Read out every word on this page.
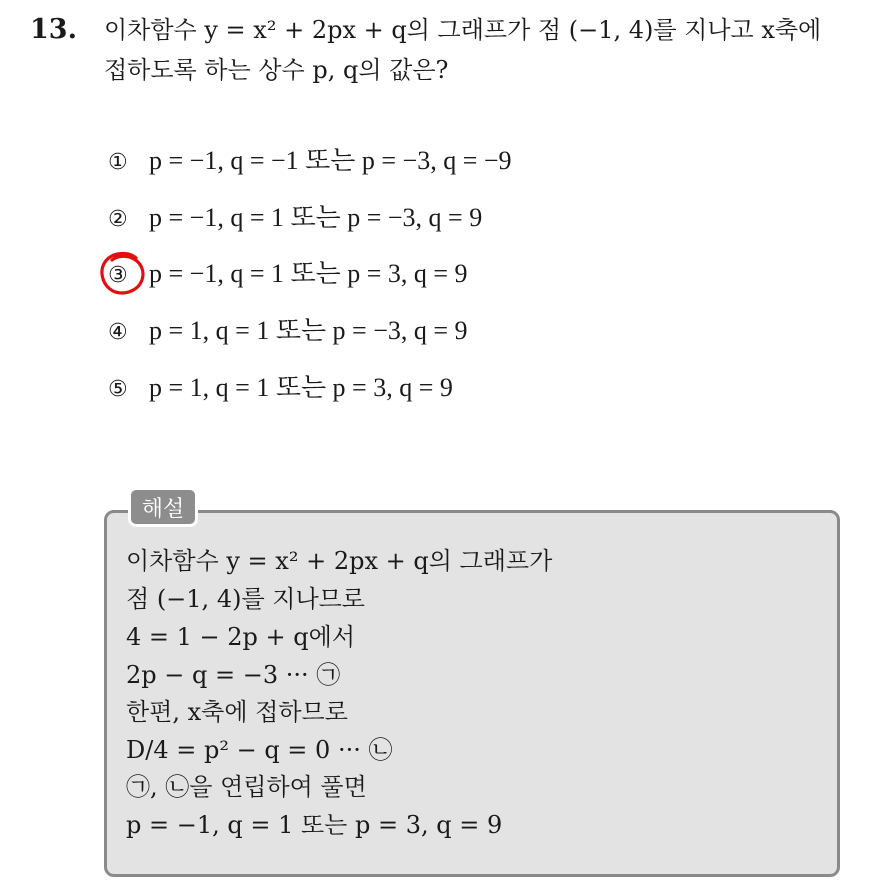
13. 이차함수 y = x² + 2px + q의 그래프가 점 (−1, 4)를 지나고 x축에
접하도록 하는 상수 p, q의 값은?
① p = −1, q = −1 또는 p = −3, q = −9
② p = −1, q = 1 또는 p = −3, q = 9
③ p = −1, q = 1 또는 p = 3, q = 9
④ p = 1, q = 1 또는 p = −3, q = 9
⑤ p = 1, q = 1 또는 p = 3, q = 9
해설
이차함수 y = x² + 2px + q의 그래프가
점 (−1, 4)를 지나므로
4 = 1 − 2p + q에서
2p − q = −3 ··· ㉠
한편, x축에 접하므로
D/4 = p² − q = 0 ··· ㉡
㉠, ㉡을 연립하여 풀면
p = −1, q = 1 또는 p = 3, q = 9
